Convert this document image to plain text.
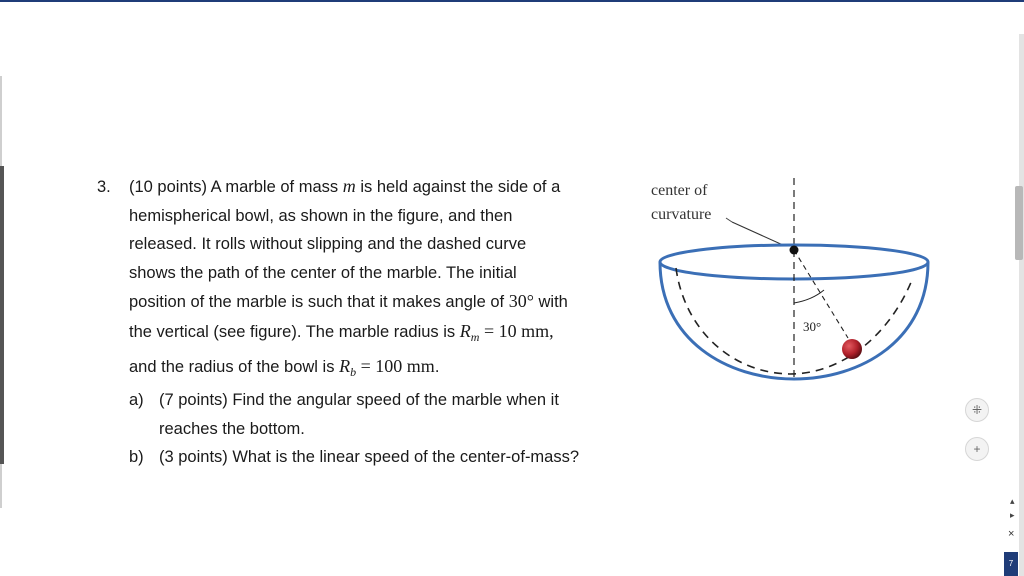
▴
▸
×
7
3. (10 points) A marble of mass m is held against the side of a
hemispherical bowl, as shown in the figure, and then
released. It rolls without slipping and the dashed curve
shows the path of the center of the marble. The initial
position of the marble is such that it makes angle of 30° with
the vertical (see figure). The marble radius is $R_m = 10$ mm,
and the radius of the bowl is $R_b = 100$ mm.
a) (7 points) Find the angular speed of the marble when it
reaches the bottom.
b) (3 points) What is the linear speed of the center-of-mass?
center of
curvature
30°
⁜
+
